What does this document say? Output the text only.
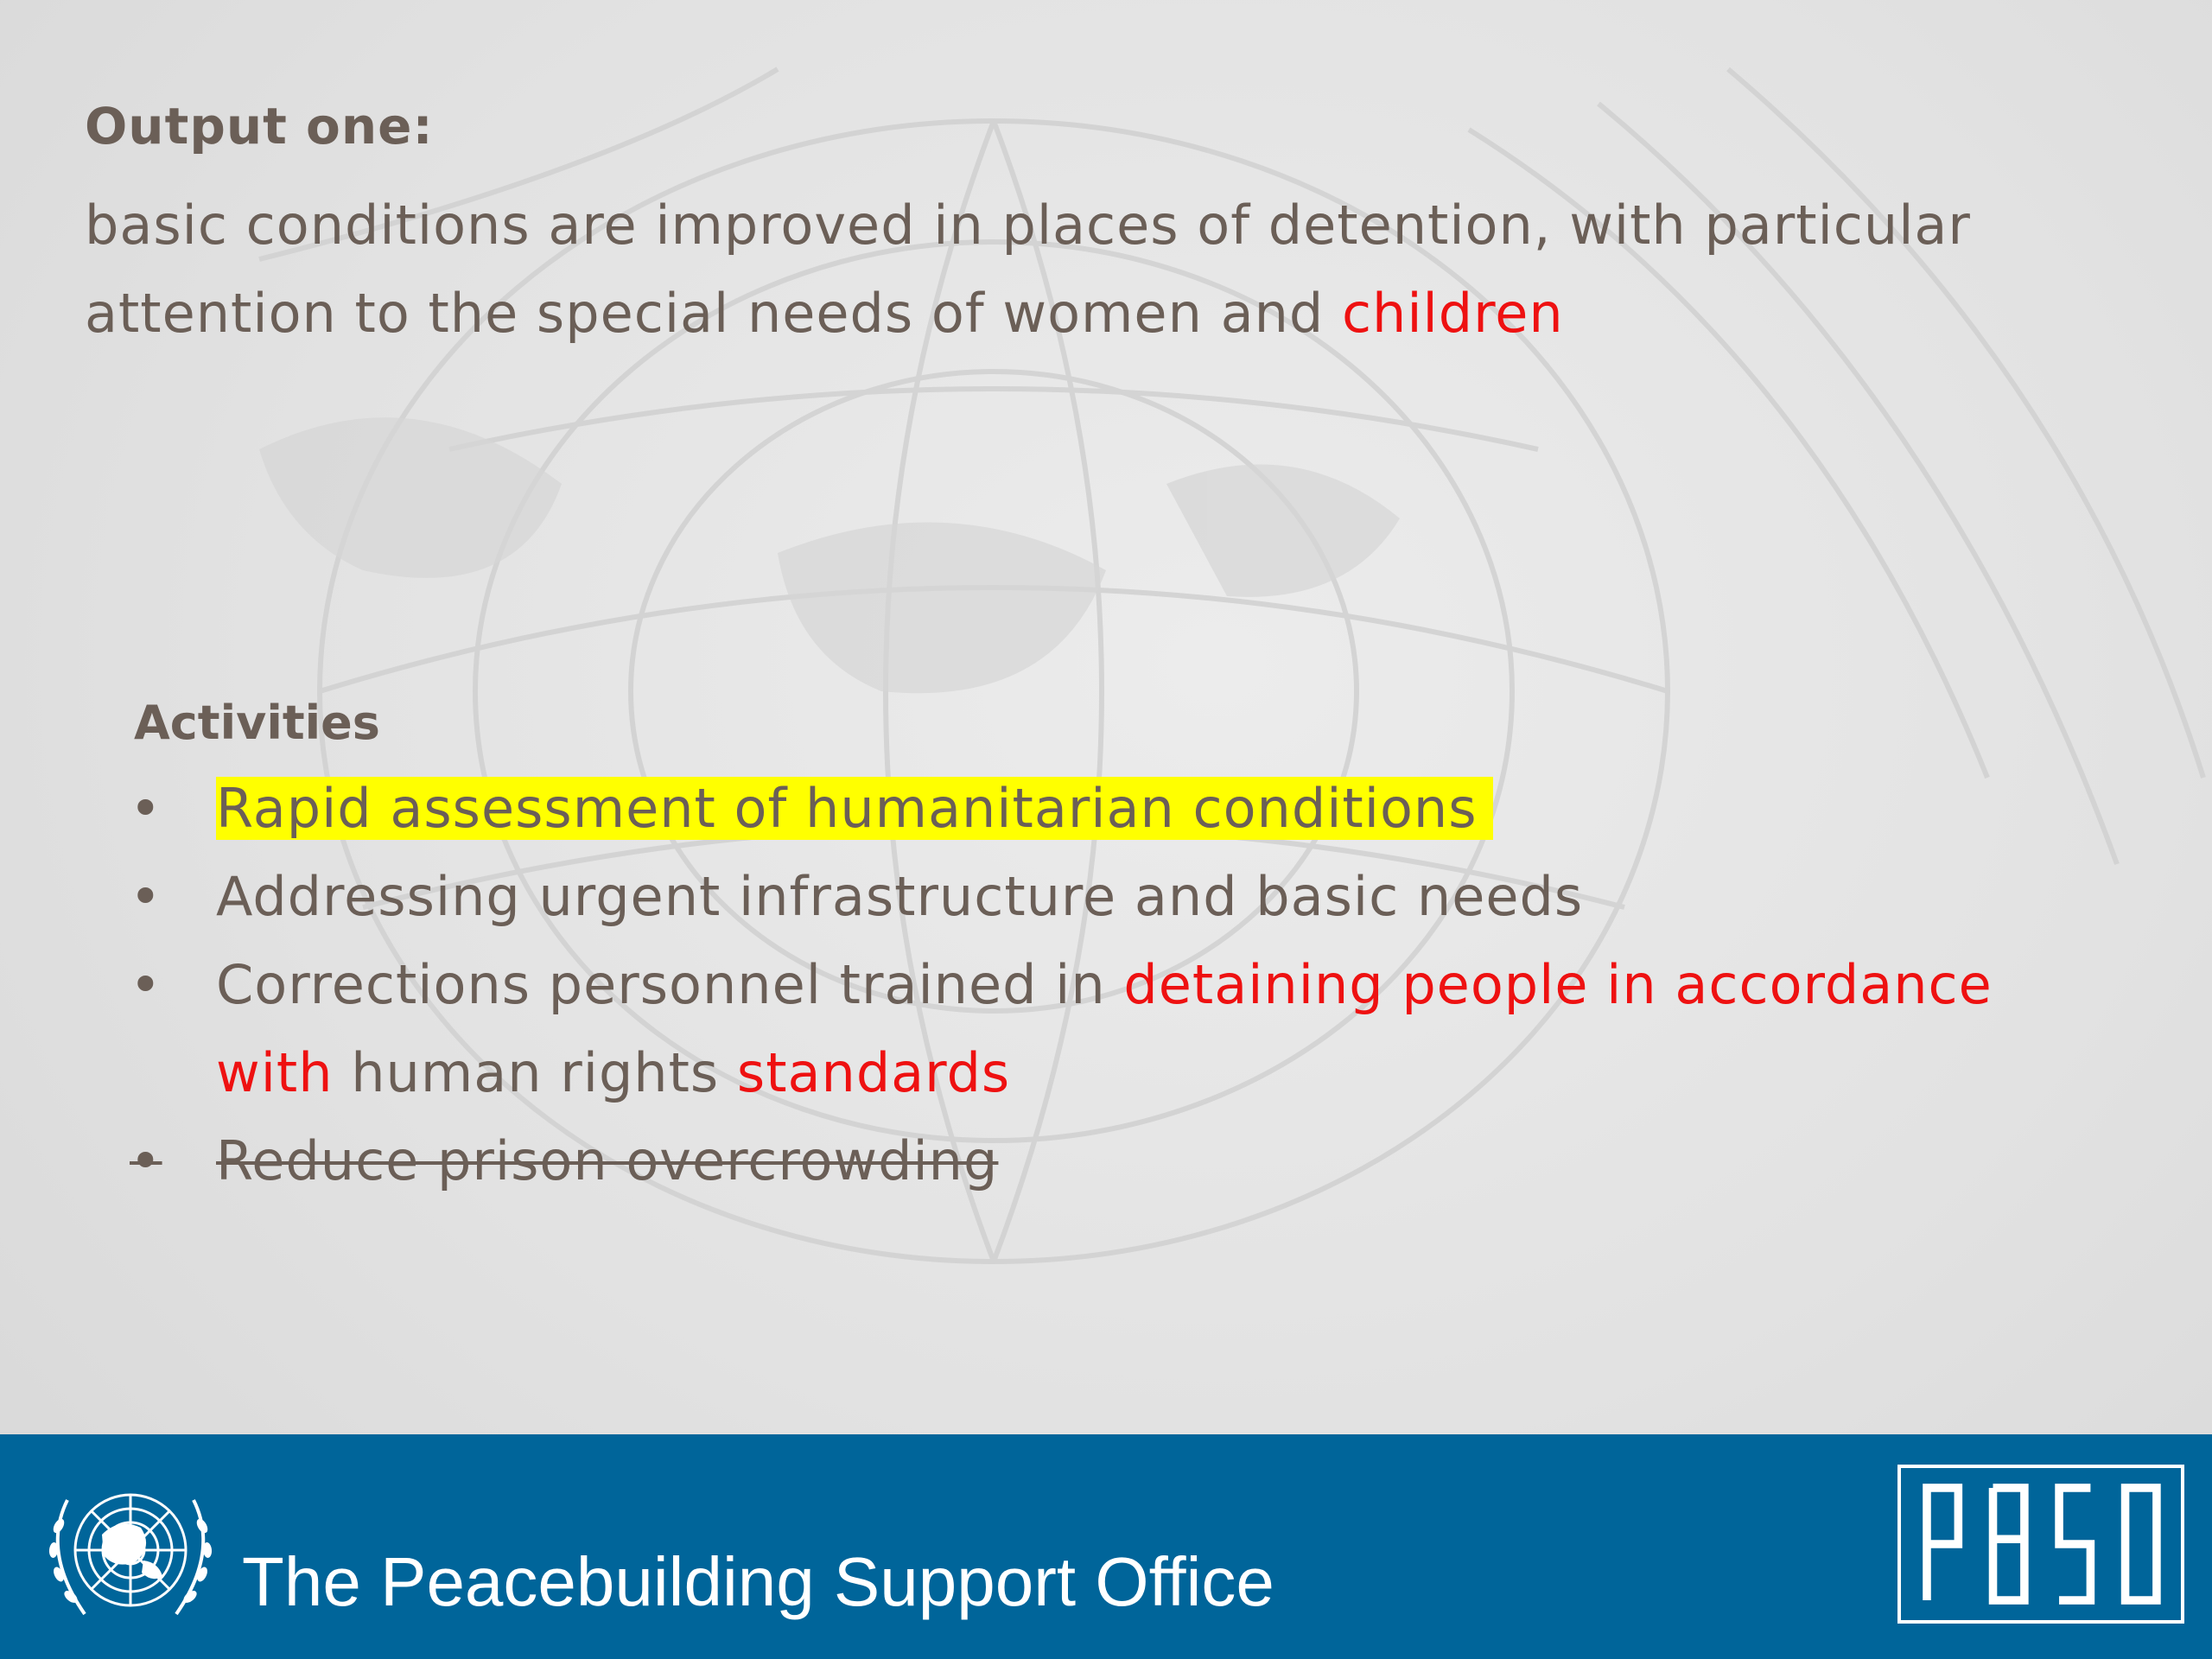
Output one:
basic conditions are improved in places of detention, with particular attention to the special needs of women and children
Activities
•	Rapid assessment of humanitarian conditions
•	Addressing urgent infrastructure and basic needs
•	Corrections personnel trained in detaining people in accordance with human rights standards
• Reduce prison overcrowding
The Peacebuilding Support Office
